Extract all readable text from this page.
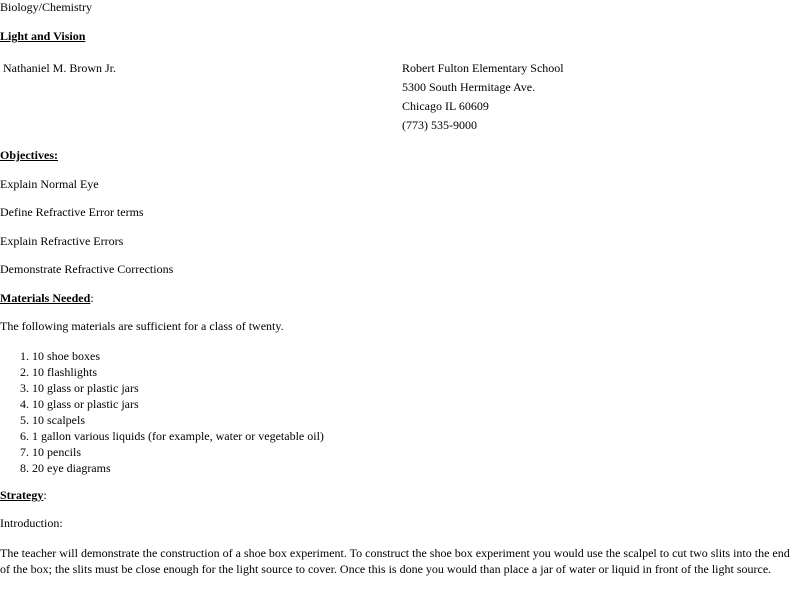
Biology/Chemistry
Light and Vision
Nathaniel M. Brown Jr.	Robert Fulton Elementary School
5300 South Hermitage Ave.
Chicago IL 60609
(773) 535-9000
Objectives:
Explain Normal Eye
Define Refractive Error terms
Explain Refractive Errors
Demonstrate Refractive Corrections
Materials Needed:
The following materials are sufficient for a class of twenty.
1. 10 shoe boxes
2. 10 flashlights
3. 10 glass or plastic jars
4. 10 glass or plastic jars
5. 10 scalpels
6. 1 gallon various liquids (for example, water or vegetable oil)
7. 10 pencils
8. 20 eye diagrams
Strategy:
Introduction:
The teacher will demonstrate the construction of a shoe box experiment. To construct the shoe box experiment you would use the scalpel to cut two slits into the end of the box; the slits must be close enough for the light source to cover. Once this is done you would than place a jar of water or liquid in front of the light source.
